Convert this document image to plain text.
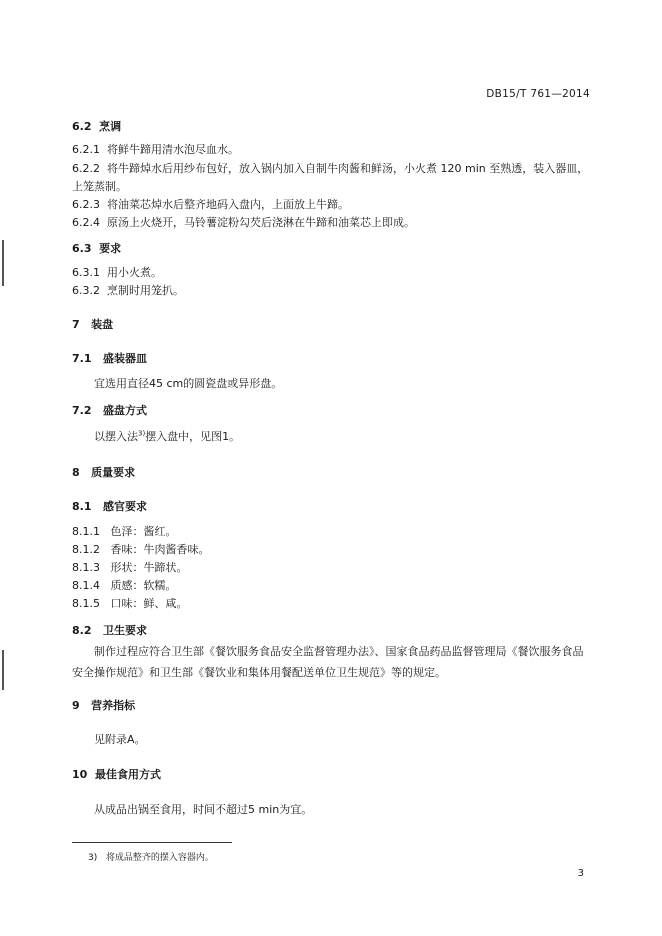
DB15/T 761—2014
6.2 烹调
6.2.1 将鲜牛蹄用清水泡尽血水。
6.2.2 将牛蹄焯水后用纱布包好，放入锅内加入自制牛肉酱和鲜汤，小火煮 120 min 至熟透，装入器皿，
上笼蒸制。
6.2.3 将油菜芯焯水后整齐地码入盘内，上面放上牛蹄。
6.2.4 原汤上火烧开，马铃薯淀粉勾芡后浇淋在牛蹄和油菜芯上即成。
6.3 要求
6.3.1 用小火煮。
6.3.2 烹制时用笼扒。
7 装盘
7.1 盛装器皿
宜选用直径45 cm的圆瓷盘或异形盘。
7.2 盛盘方式
以摆入法$^{3)}$摆入盘中，见图1。
8 质量要求
8.1 感官要求
8.1.1 色泽：酱红。
8.1.2 香味：牛肉酱香味。
8.1.3 形状：牛蹄状。
8.1.4 质感：软糯。
8.1.5 口味：鲜、咸。
8.2 卫生要求
制作过程应符合卫生部《餐饮服务食品安全监督管理办法》、国家食品药品监督管理局《餐饮服务食品安全操作规范》和卫生部《餐饮业和集体用餐配送单位卫生规范》等的规定。
9 营养指标
见附录A。
10 最佳食用方式
从成品出锅至食用，时间不超过5 min为宜。
3) 将成品整齐的摆入容器内。
3
